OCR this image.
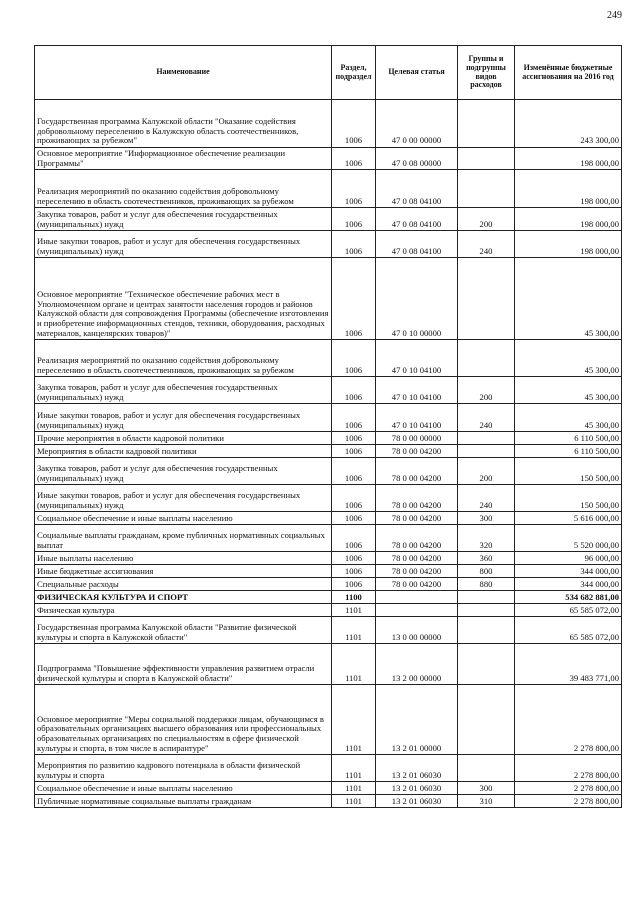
249
Наименование	Раздел, подраздел	Целевая статья	Группы и подгруппы видов расходов	Изменённые бюджетные ассигнования на 2016 год
Государственная программа Калужской области "Оказание содействия добровольному переселению в Калужскую область соотечественников, проживающих за рубежом"	1006	47 0 00 00000		243 300,00
Основное мероприятие "Информационное обеспечение реализации Программы"	1006	47 0 08 00000		198 000,00
Реализация мероприятий по оказанию содействия добровольному переселению в область соотечественников, проживающих за рубежом	1006	47 0 08 04100		198 000,00
Закупка товаров, работ и услуг для обеспечения государственных (муниципальных) нужд	1006	47 0 08 04100	200	198 000,00
Иные закупки товаров, работ и услуг для обеспечения государственных (муниципальных) нужд	1006	47 0 08 04100	240	198 000,00
Основное мероприятие "Техническое обеспечение рабочих мест в Уполномоченном органе и центрах занятости населения городов и районов Калужской области для сопровождения Программы (обеспечение изготовления и приобретение информационных стендов, техники, оборудования, расходных материалов, канцелярских товаров)"	1006	47 0 10 00000		45 300,00
Реализация мероприятий по оказанию содействия добровольному переселению в область соотечественников, проживающих за рубежом	1006	47 0 10 04100		45 300,00
Закупка товаров, работ и услуг для обеспечения государственных (муниципальных) нужд	1006	47 0 10 04100	200	45 300,00
Иные закупки товаров, работ и услуг для обеспечения государственных (муниципальных) нужд	1006	47 0 10 04100	240	45 300,00
Прочие мероприятия в области кадровой политики	1006	78 0 00 00000		6 110 500,00
Мероприятия в области кадровой политики	1006	78 0 00 04200		6 110 500,00
Закупка товаров, работ и услуг для обеспечения государственных (муниципальных) нужд	1006	78 0 00 04200	200	150 500,00
Иные закупки товаров, работ и услуг для обеспечения государственных (муниципальных) нужд	1006	78 0 00 04200	240	150 500,00
Социальное обеспечение и иные выплаты населению	1006	78 0 00 04200	300	5 616 000,00
Социальные выплаты гражданам, кроме публичных нормативных социальных выплат	1006	78 0 00 04200	320	5 520 000,00
Иные выплаты населению	1006	78 0 00 04200	360	96 000,00
Иные бюджетные ассигнования	1006	78 0 00 04200	800	344 000,00
Специальные расходы	1006	78 0 00 04200	880	344 000,00
ФИЗИЧЕСКАЯ КУЛЬТУРА И СПОРТ	1100			534 682 881,00
Физическая культура	1101			65 585 072,00
Государственная программа Калужской области "Развитие физической культуры и спорта в Калужской области"	1101	13 0 00 00000		65 585 072,00
Подпрограмма "Повышение эффективности управления развитием отрасли физической культуры и спорта в Калужской области"	1101	13 2 00 00000		39 483 771,00
Основное мероприятие "Меры социальной поддержки лицам, обучающимся в образовательных организациях высшего образования или профессиональных образовательных организациях по специальностям в сфере физической культуры и спорта, в том числе в аспирантуре"	1101	13 2 01 00000		2 278 800,00
Мероприятия по развитию кадрового потенциала в области физической культуры и спорта	1101	13 2 01 06030		2 278 800,00
Социальное обеспечение и иные выплаты населению	1101	13 2 01 06030	300	2 278 800,00
Публичные нормативные социальные выплаты гражданам	1101	13 2 01 06030	310	2 278 800,00
